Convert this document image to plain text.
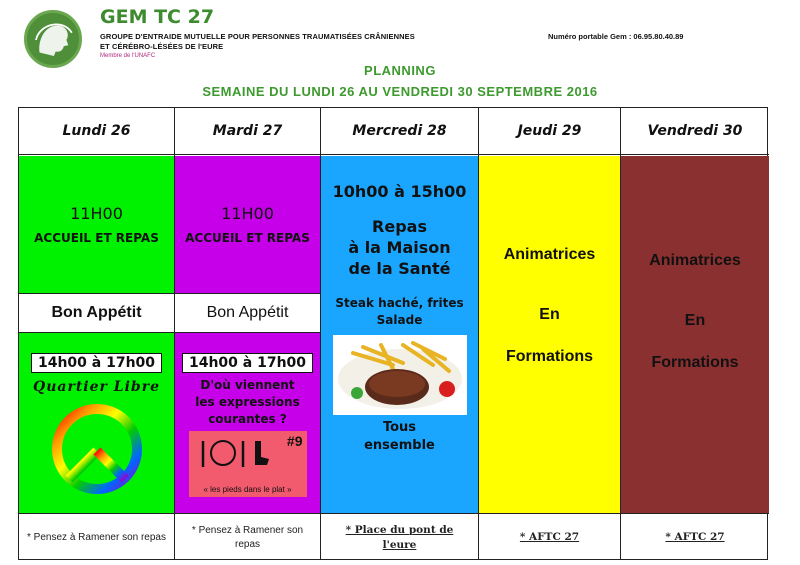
GEM TC 27
GROUPE D'ENTRAIDE MUTUELLE POUR PERSONNES TRAUMATISÉES CRÂNIENNES
ET CÉRÉBRO-LÉSÉES DE l'EURE
Membre de l'UNAFC
Numéro portable Gem : 06.95.80.40.89
PLANNING
SEMAINE DU LUNDI 26 AU VENDREDI 30 SEPTEMBRE 2016
Lundi 26
11H00
ACCUEIL ET REPAS
Bon Appétit
14h00 à 17h00
Quartier Libre
* Pensez à Ramener son repas
Mardi 27
11H00
ACCUEIL ET REPAS
Bon Appétit
14h00 à 17h00
D'où viennent
les expressions
courantes ?
#9
« les pieds dans le plat »
* Pensez à Ramener son repas
Mercredi 28
10h00 à 15h00
Repas
à la Maison
de la Santé
Steak haché, frites
Salade
Tous
ensemble
* Place du pont de l'eure
Jeudi 29
Animatrices
En
Formations
* AFTC 27
Vendredi 30
Animatrices
En
Formations
* AFTC 27
